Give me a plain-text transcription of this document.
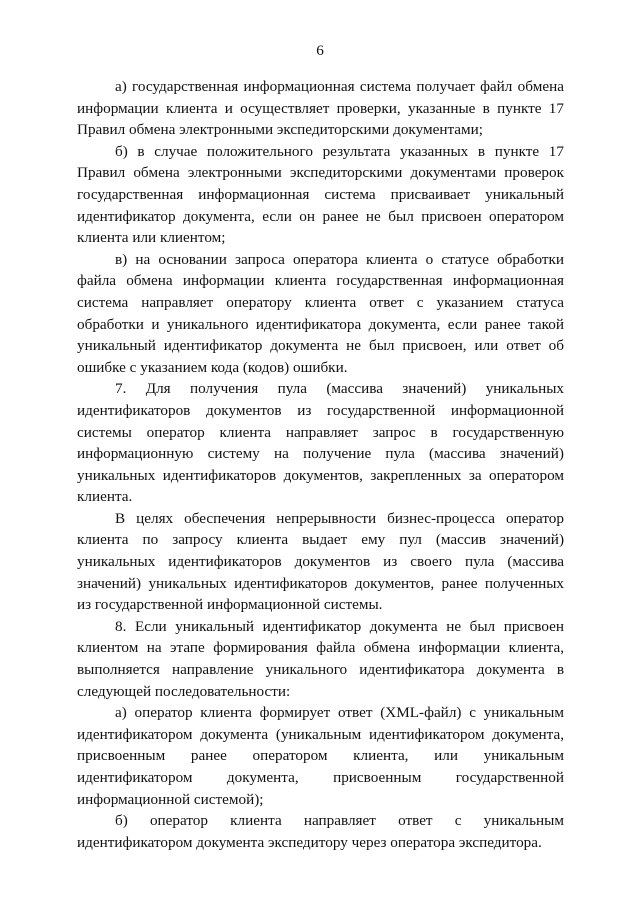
6

а) государственная информационная система получает файл обмена информации клиента и осуществляет проверки, указанные в пункте 17 Правил обмена электронными экспедиторскими документами;

б) в случае положительного результата указанных в пункте 17 Правил обмена электронными экспедиторскими документами проверок государственная информационная система присваивает уникальный идентификатор документа, если он ранее не был присвоен оператором клиента или клиентом;

в) на основании запроса оператора клиента о статусе обработки файла обмена информации клиента государственная информационная система направляет оператору клиента ответ с указанием статуса обработки и уникального идентификатора документа, если ранее такой уникальный идентификатор документа не был присвоен, или ответ об ошибке с указанием кода (кодов) ошибки.

7. Для получения пула (массива значений) уникальных идентификаторов документов из государственной информационной системы оператор клиента направляет запрос в государственную информационную систему на получение пула (массива значений) уникальных идентификаторов документов, закрепленных за оператором клиента.

В целях обеспечения непрерывности бизнес-процесса оператор клиента по запросу клиента выдает ему пул (массив значений) уникальных идентификаторов документов из своего пула (массива значений) уникальных идентификаторов документов, ранее полученных из государственной информационной системы.

8. Если уникальный идентификатор документа не был присвоен клиентом на этапе формирования файла обмена информации клиента, выполняется направление уникального идентификатора документа в следующей последовательности:

а) оператор клиента формирует ответ (XML-файл) с уникальным идентификатором документа (уникальным идентификатором документа, присвоенным ранее оператором клиента, или уникальным идентификатором документа, присвоенным государственной информационной системой);

б) оператор клиента направляет ответ с уникальным идентификатором документа экспедитору через оператора экспедитора.
